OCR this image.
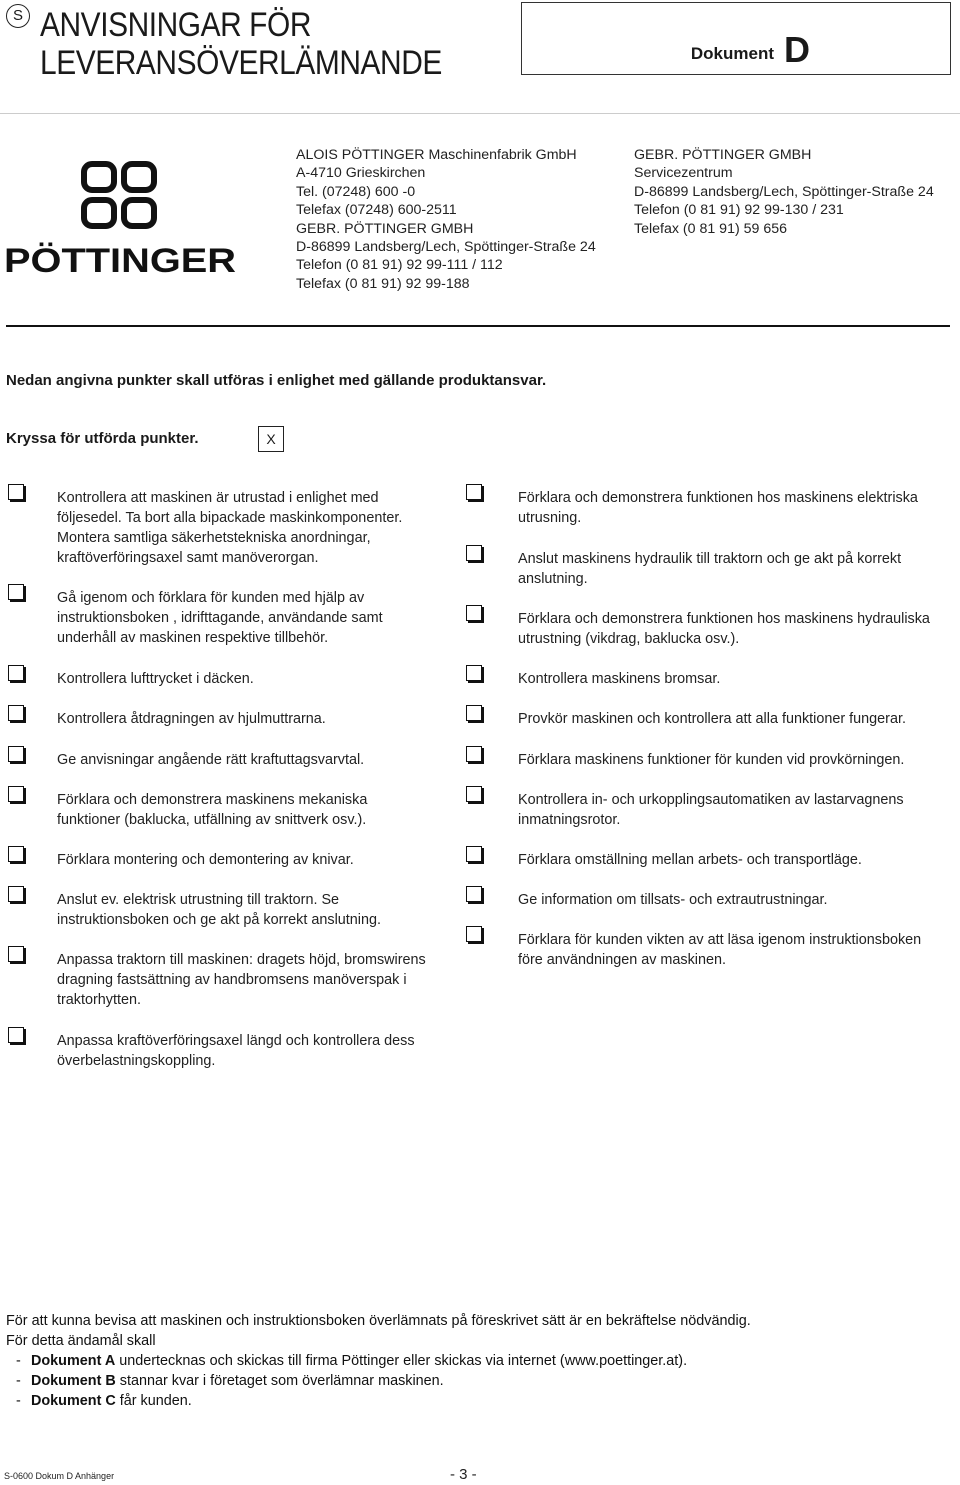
S ANVISNINGAR FÖR
LEVERANSÖVERLÄMNANDE	Dokument D
PÖTTINGER
ALOIS PÖTTINGER Maschinenfabrik GmbH
A-4710 Grieskirchen
Tel. (07248) 600 -0
Telefax (07248) 600-2511
GEBR. PÖTTINGER GMBH
D-86899 Landsberg/Lech, Spöttinger-Straße 24
Telefon (0 81 91) 92 99-111 / 112
Telefax (0 81 91) 92 99-188
GEBR. PÖTTINGER GMBH
Servicezentrum
D-86899 Landsberg/Lech, Spöttinger-Straße 24
Telefon (0 81 91) 92 99-130 / 231
Telefax (0 81 91) 59 656
Nedan angivna punkter skall utföras i enlighet med gällande produktansvar.
Kryssa för utförda punkter.	X
Kontrollera att maskinen är utrustad i enlighet med
följesedel. Ta bort alla bipackade maskinkomponenter.
Montera samtliga säkerhetstekniska anordningar,
kraftöverföringsaxel samt manöverorgan.
Gå igenom och förklara för kunden med hjälp av
instruktionsboken , idrifttagande, användande samt
underhåll av maskinen respektive tillbehör.
Kontrollera lufttrycket i däcken.
Kontrollera åtdragningen av hjulmuttrarna.
Ge anvisningar angående rätt kraftuttagsvarvtal.
Förklara och demonstrera maskinens mekaniska
funktioner (baklucka, utfällning av snittverk osv.).
Förklara montering och demontering av knivar.
Anslut ev. elektrisk utrustning till traktorn. Se
instruktionsboken och ge akt på korrekt anslutning.
Anpassa traktorn till maskinen: dragets höjd, bromswirens
dragning fastsättning av handbromsens manöverspak i
traktorhytten.
Anpassa kraftöverföringsaxel längd och kontrollera dess
överbelastningskoppling.
Förklara och demonstrera funktionen hos maskinens elektriska
utrusning.
Anslut maskinens hydraulik till traktorn och ge akt på korrekt
anslutning.
Förklara och demonstrera funktionen hos maskinens hydrauliska
utrustning (vikdrag, baklucka osv.).
Kontrollera maskinens bromsar.
Provkör maskinen och kontrollera att alla funktioner fungerar.
Förklara maskinens funktioner för kunden vid provkörningen.
Kontrollera in- och urkopplingsautomatiken av lastarvagnens
inmatningsrotor.
Förklara omställning mellan arbets- och transportläge.
Ge information om tillsats- och extrautrustningar.
Förklara för kunden vikten av att läsa igenom instruktionsboken
före användningen av maskinen.
För att kunna bevisa att maskinen och instruktionsboken överlämnats på föreskrivet sätt är en bekräftelse nödvändig.
För detta ändamål skall
- Dokument A undertecknas och skickas till firma Pöttinger eller skickas via internet (www.poettinger.at).
- Dokument B stannar kvar i företaget som överlämnar maskinen.
- Dokument C får kunden.
S-0600 Dokum D Anhänger	- 3 -
